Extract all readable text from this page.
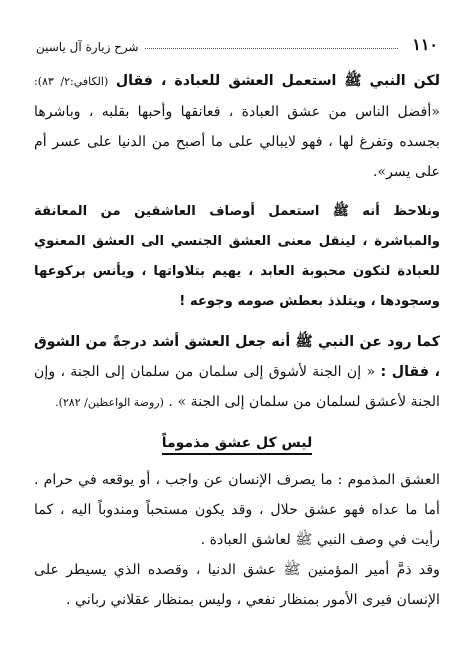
١١٠
شرح زيارة آل ياسين

لكن النبي ﷺ استعمل العشق للعبادة ، فقال (الكافي:٢/ ٨٣): «أفضل الناس من عشق العبادة ، فعانقها وأحبها بقلبه ، وباشرها بجسده وتفرغ لها ، فهو لايبالي على ما أصبح من الدنيا على عسر أم على يسر».

ونلاحظ أنه ﷺ استعمل أوصاف العاشقين من المعانقة والمباشرة ، لينقل معنى العشق الجنسي الى العشق المعنوي للعبادة لتكون محبوبة العابد ، يهيم بتلاواتها ، ويأنس بركوعها وسجودها ، ويتلذذ بعطش صومه وجوعه !

كما رود عن النبي ﷺ أنه جعل العشق أشد درجةً من الشوق ، فقال : « إن الجنة لأشوق إلى سلمان من سلمان إلى الجنة ، وإن الجنة لأعشق لسلمان من سلمان إلى الجنة » . (روضة الواعظين/ ٢٨٢).

ليس كل عشق مذموماً

العشق المذموم : ما يصرف الإنسان عن واجب ، أو يوقعه في حرام . أما ما عداه فهو عشق حلال ، وقد يكون مستحباً ومندوباً اليه ، كما رأيت في وصف النبي ﷺ لعاشق العبادة .

وقد ذمَّ أمير المؤمنين ﷺ عشق الدنيا ، وقصده الذي يسيطر على الإنسان فيرى الأمور بمنظار نفعي ، وليس بمنظار عقلاني رباني .
